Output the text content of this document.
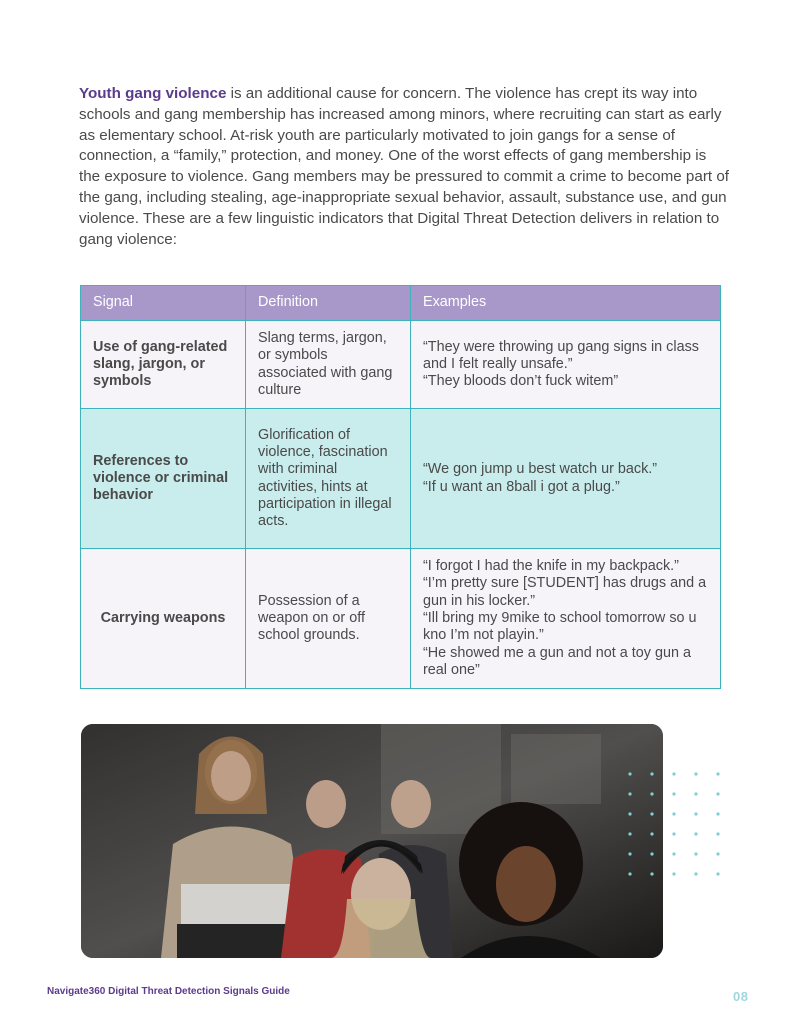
Youth gang violence is an additional cause for concern. The violence has crept its way into schools and gang membership has increased among minors, where recruiting can start as early as elementary school. At-risk youth are particularly motivated to join gangs for a sense of connection, a “family,” protection, and money. One of the worst effects of gang membership is the exposure to violence. Gang members may be pressured to commit a crime to become part of the gang, including stealing, age-inappropriate sexual behavior, assault, substance use, and gun violence. These are a few linguistic indicators that Digital Threat Detection delivers in relation to gang violence:

Signal	Definition	Examples
Use of gang-related slang, jargon, or symbols	Slang terms, jargon, or symbols associated with gang culture	“They were throwing up gang signs in class and I felt really unsafe.”
“They bloods don’t fuck witem”

References to violence or criminal behavior	Glorification of violence, fascination with criminal activities, hints at participation in illegal acts.	“We gon jump u best watch ur back.”
“If u want an 8ball i got a plug.”

Carrying weapons	Possession of a weapon on or off school grounds.	“I forgot I had the knife in my backpack.”
“I’m pretty sure [STUDENT] has drugs and a gun in his locker.”
“Ill bring my 9mike to school tomorrow so u kno I’m not playin.”
“He showed me a gun and not a toy gun a real one”
Navigate360 Digital Threat Detection Signals Guide	08
